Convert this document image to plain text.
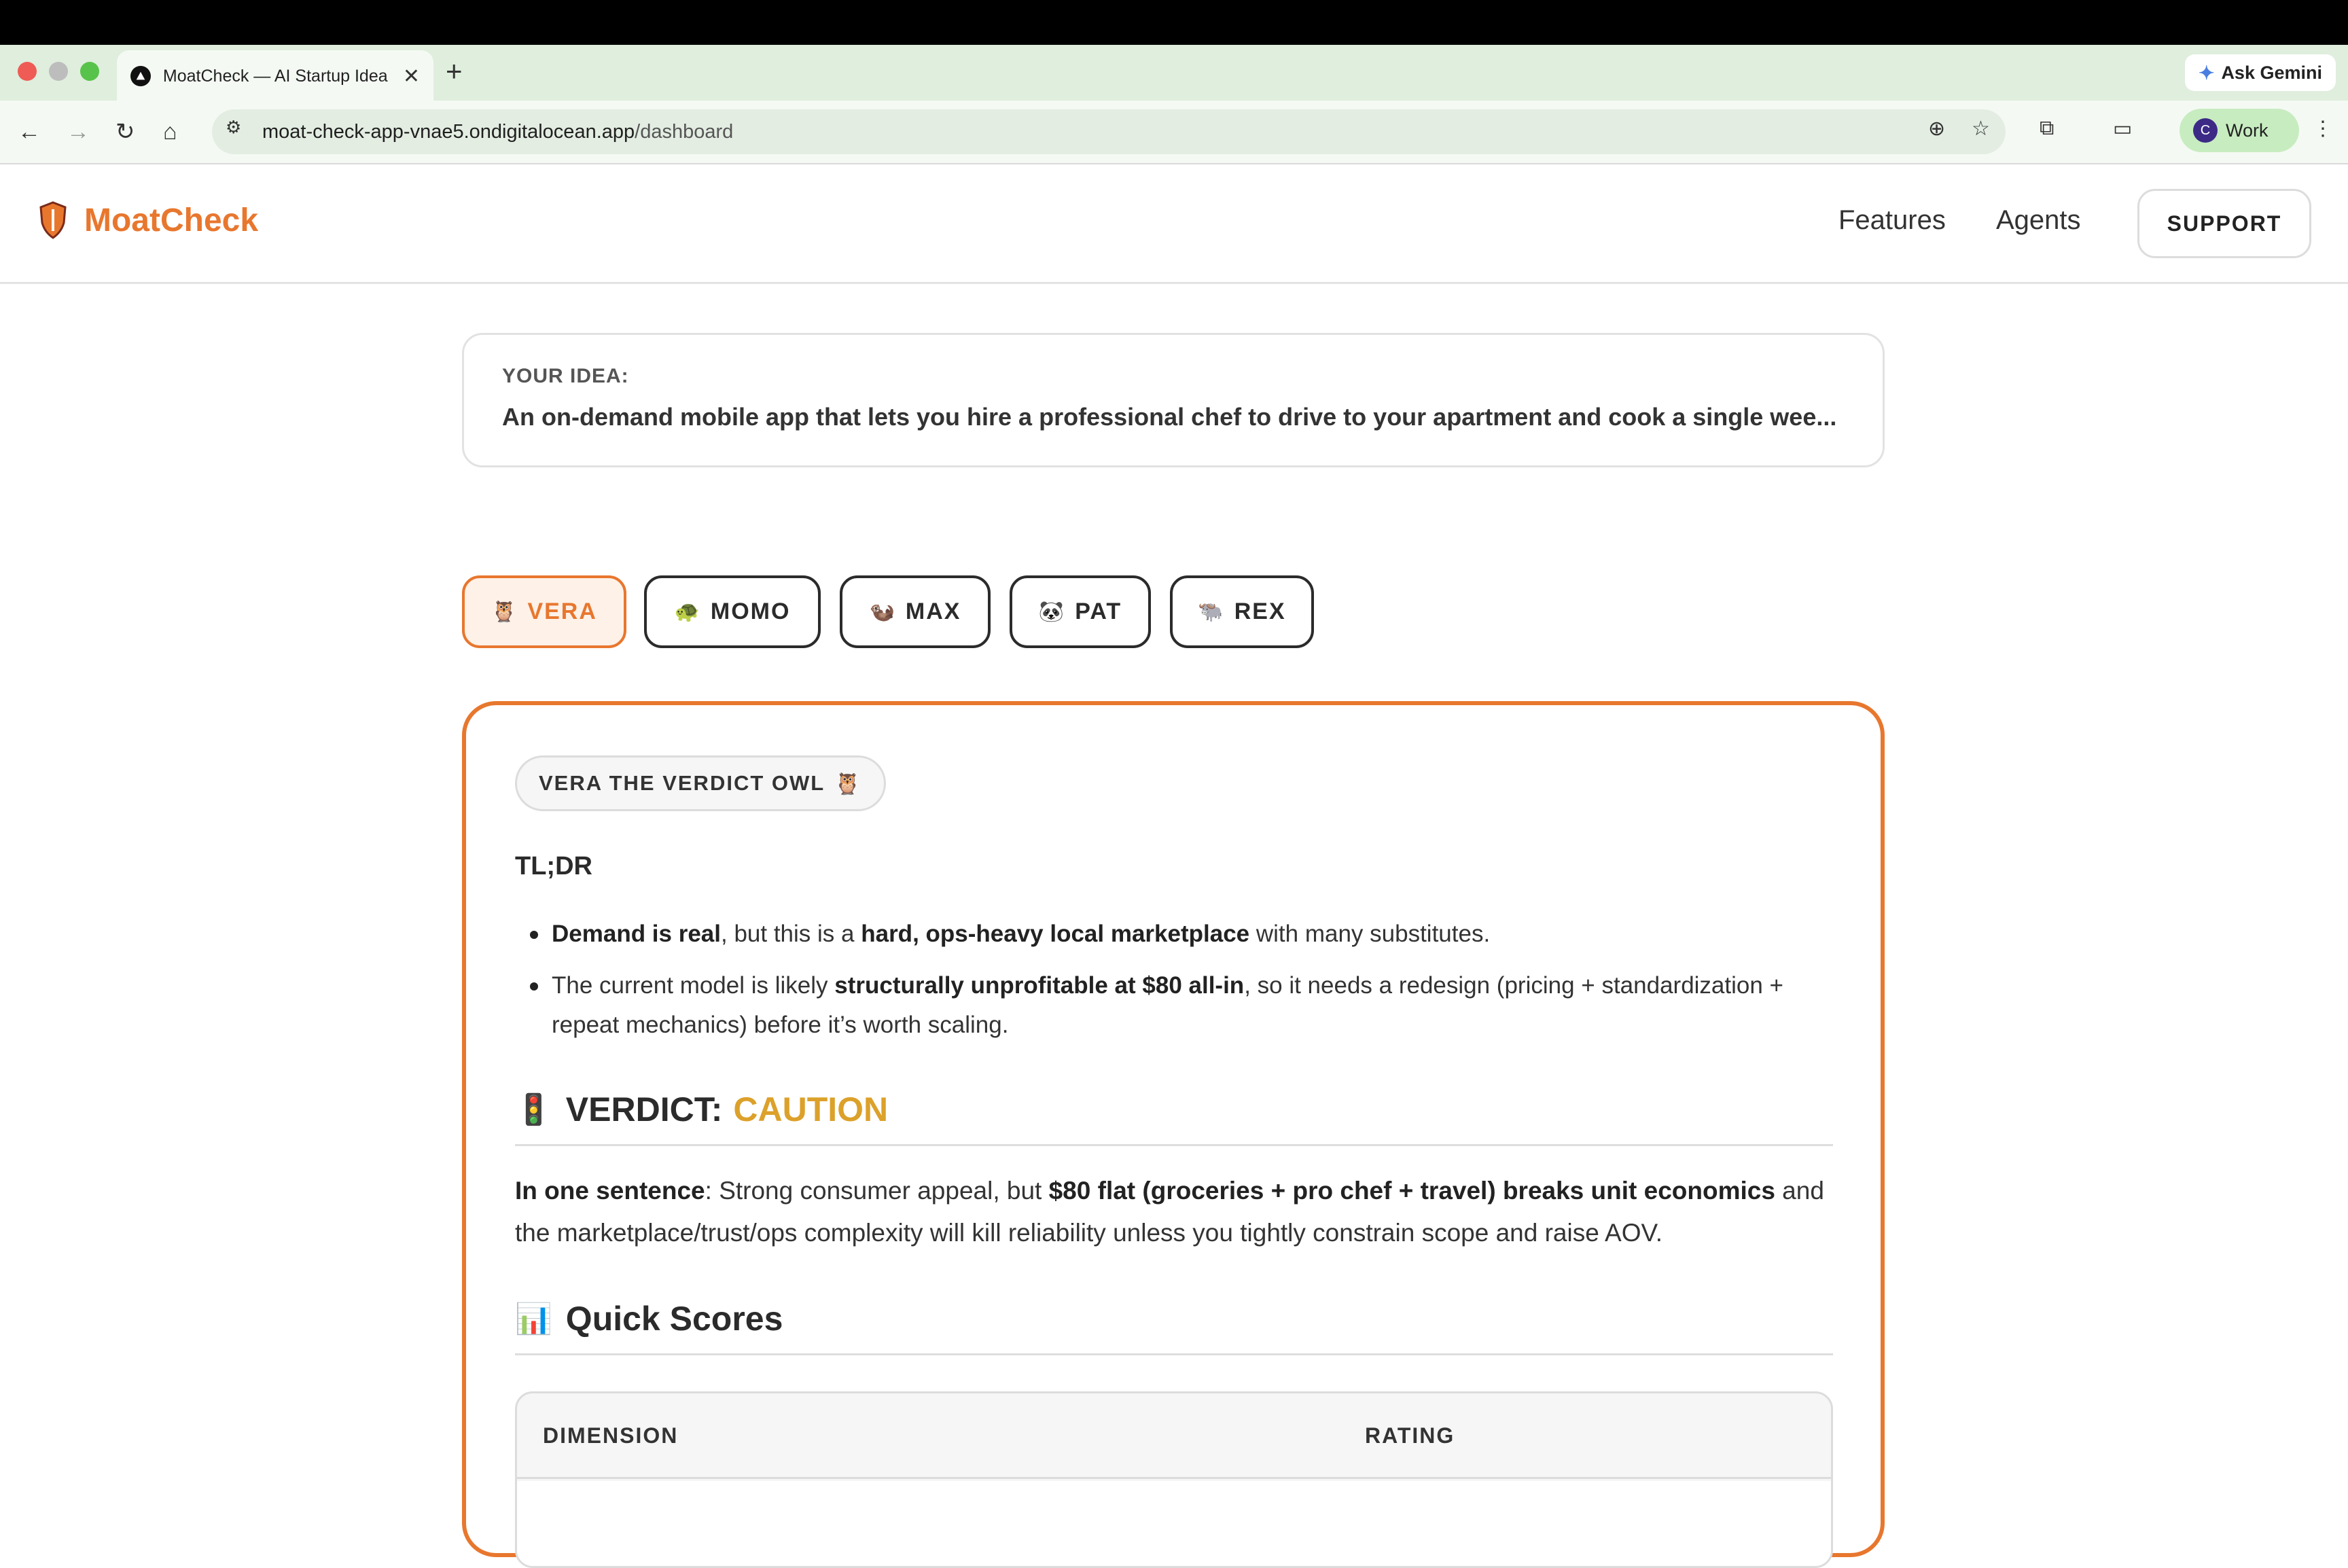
MoatCheck — AI Startup Idea ✕ +	✦ Ask Gemini
← → ↻ ⌂	moat-check-app-vnae5.ondigitalocean.app /dashboard
⚙	⊕ ☆ ⧉	▭	C Work ⋮
MoatCheck	Features Agents	SUPPORT
YOUR IDEA:
An on-demand mobile app that lets you hire a professional chef to drive to your apartment and cook a single wee...
🦉 VERA	🐢 MOMO	🦦 MAX	🐼 PAT	🐃 REX
VERA THE VERDICT OWL 🦉
TL;DR
Demand is real, but this is a hard, ops-heavy local marketplace with many substitutes.
The current model is likely structurally unprofitable at $80 all-in, so it needs a redesign (pricing + standardization + repeat mechanics) before it’s worth scaling.
🚦 VERDICT: CAUTION
In one sentence: Strong consumer appeal, but $80 flat (groceries + pro chef + travel) breaks unit economics and the marketplace/trust/ops complexity will kill reliability unless you tightly constrain scope and raise AOV.
📊 Quick Scores
DIMENSION	RATING
